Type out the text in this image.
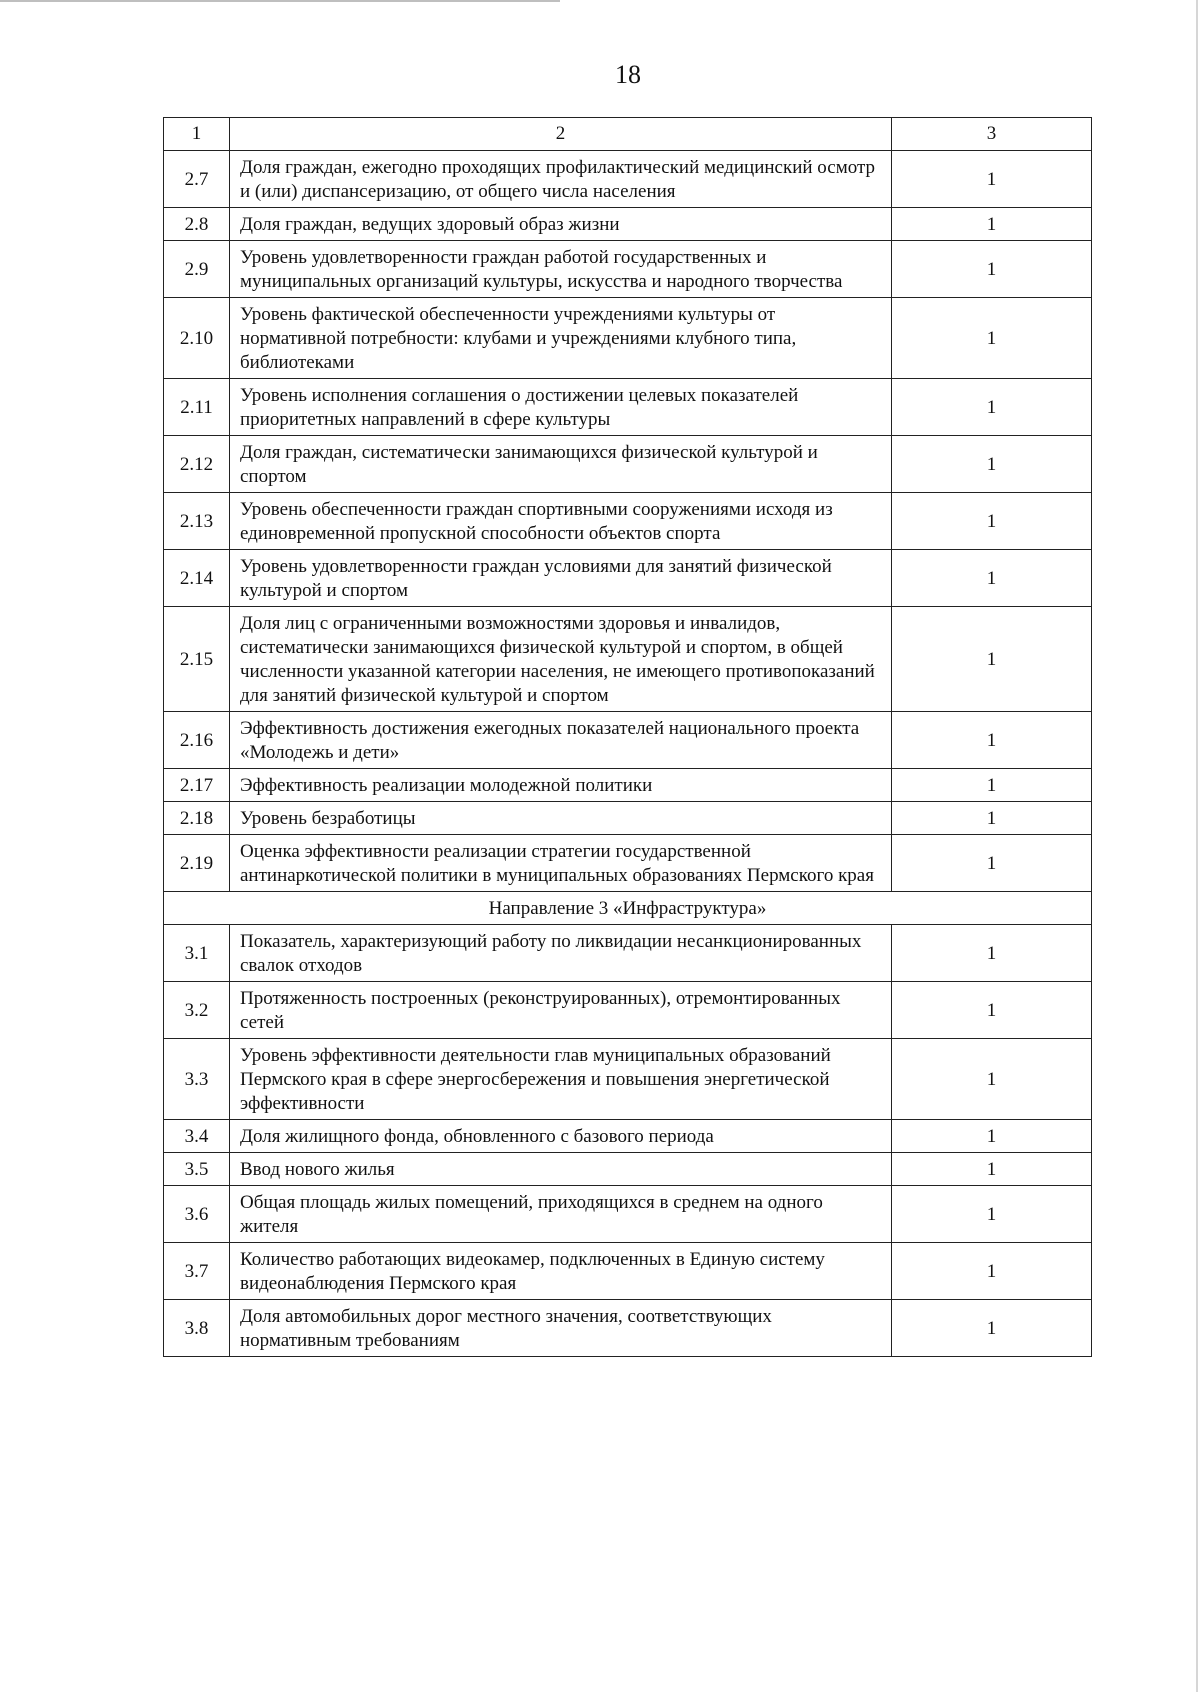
18
1	2	3
2.7	Доля граждан, ежегодно проходящих профилактический медицинский осмотр и (или) диспансеризацию, от общего числа населения	1
2.8	Доля граждан, ведущих здоровый образ жизни	1
2.9	Уровень удовлетворенности граждан работой государственных и муниципальных организаций культуры, искусства и народного творчества	1
2.10	Уровень фактической обеспеченности учреждениями культуры от нормативной потребности: клубами и учреждениями клубного типа, библиотеками	1
2.11	Уровень исполнения соглашения о достижении целевых показателей приоритетных направлений в сфере культуры	1
2.12	Доля граждан, систематически занимающихся физической культурой и спортом	1
2.13	Уровень обеспеченности граждан спортивными сооружениями исходя из единовременной пропускной способности объектов спорта	1
2.14	Уровень удовлетворенности граждан условиями для занятий физической культурой и спортом	1
2.15	Доля лиц с ограниченными возможностями здоровья и инвалидов, систематически занимающихся физической культурой и спортом, в общей численности указанной категории населения, не имеющего противопоказаний для занятий физической культурой и спортом	1
2.16	Эффективность достижения ежегодных показателей национального проекта «Молодежь и дети»	1
2.17	Эффективность реализации молодежной политики	1
2.18	Уровень безработицы	1
2.19	Оценка эффективности реализации стратегии государственной антинаркотической политики в муниципальных образованиях Пермского края	1
Направление 3 «Инфраструктура»		
3.1	Показатель, характеризующий работу по ликвидации несанкционированных свалок отходов	1
3.2	Протяженность построенных (реконструированных), отремонтированных сетей	1
3.3	Уровень эффективности деятельности глав муниципальных образований Пермского края в сфере энергосбережения и повышения энергетической эффективности	1
3.4	Доля жилищного фонда, обновленного с базового периода	1
3.5	Ввод нового жилья	1
3.6	Общая площадь жилых помещений, приходящихся в среднем на одного жителя	1
3.7	Количество работающих видеокамер, подключенных в Единую систему видеонаблюдения Пермского края	1
3.8	Доля автомобильных дорог местного значения, соответствующих нормативным требованиям	1
